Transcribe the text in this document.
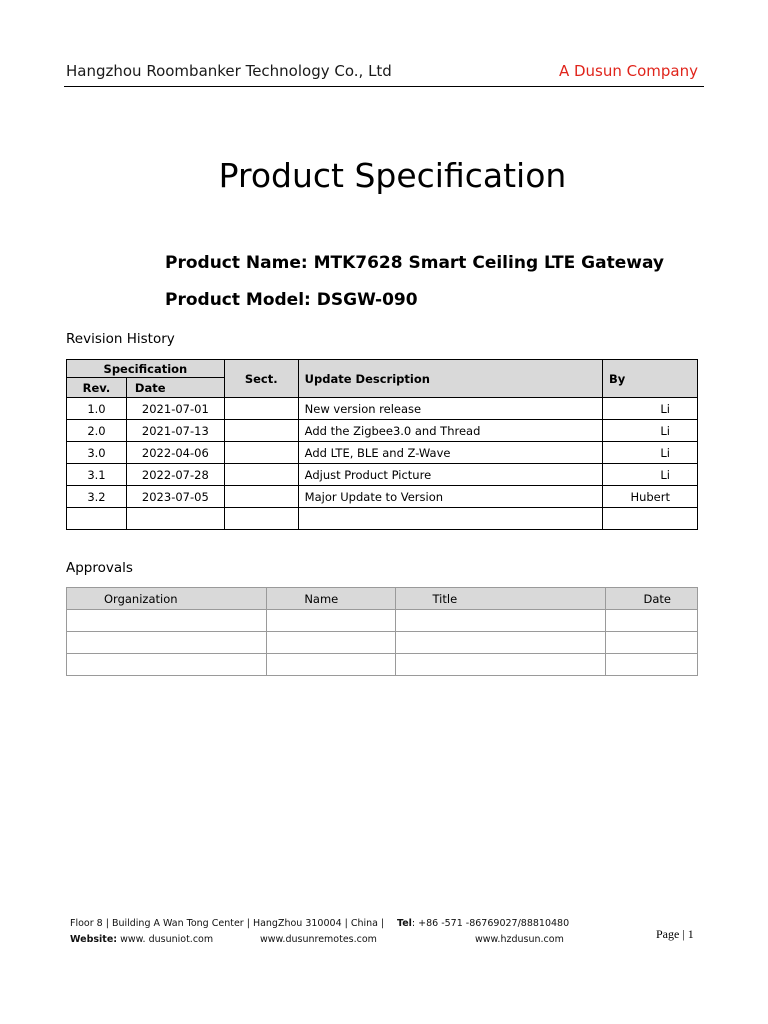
Hangzhou Roombanker Technology Co., Ltd	A Dusun Company
Product Specification
Product Name: MTK7628 Smart Ceiling LTE Gateway
Product Model: DSGW-090
Revision History
Specification		Sect.	Update Description	By
Rev.	Date			
1.0	2021-07-01		New version release	Li
2.0	2021-07-13		Add the Zigbee3.0 and Thread	Li
3.0	2022-04-06		Add LTE, BLE and Z-Wave	Li
3.1	2022-07-28		Adjust Product Picture	Li
3.2	2023-07-05		Major Update to Version	Hubert

Approvals
Organization	Name	Title	Date

Floor 8 | Building A Wan Tong Center | HangZhou 310004 | China | Tel: +86 -571 -86769027/88810480
Website: www. dusuniot.com	www.dusunremotes.com	www.hzdusun.com	Page | 1
